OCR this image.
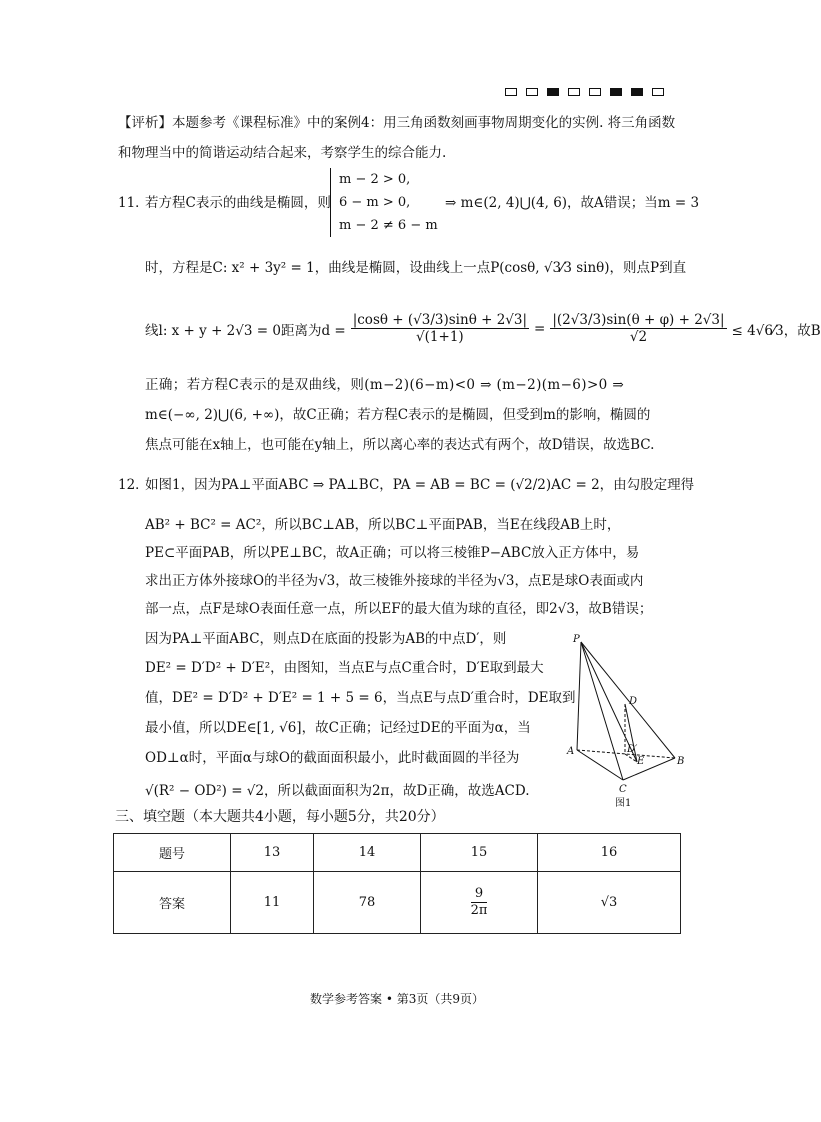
【评析】本题参考《课程标准》中的案例4：用三角函数刻画事物周期变化的实例. 将三角函数和物理当中的简谐运动结合起来，考察学生的综合能力.
11．
若方程C表示的曲线是椭圆，则
m − 2 > 0,
6 − m > 0,
m − 2 ≠ 6 − m
⇒ m∈(2, 4)⋃(4, 6)，故A错误；当m = 3
时，方程是C: x² + 3y² = 1，曲线是椭圆，设曲线上一点P(cosθ, √3⁄3 sinθ)，则点P到直
线l: x + y + 2√3 = 0距离为$d = \frac{|\cos\theta + (√3/3)\sin\theta + 2√3|}{√(1+1)} = \frac{|(2√3/3)\sin(\theta + \varphi) + 2√3|}{√2}$ ≤ 4√6⁄3，故B
正确；若方程C表示的是双曲线，则(m−2)(6−m)<0 ⇒ (m−2)(m−6)>0 ⇒
m∈(−∞, 2)⋃(6, +∞)，故C正确；若方程C表示的是椭圆，但受到m的影响，椭圆的
焦点可能在x轴上，也可能在y轴上，所以离心率的表达式有两个，故D错误，故选BC.
12．
如图1，因为PA⊥平面ABC ⇒ PA⊥BC，PA = AB = BC = (√2/2)AC = 2，由勾股定理得
AB² + BC² = AC²，所以BC⊥AB，所以BC⊥平面PAB，当E在线段AB上时，
PE⊂平面PAB，所以PE⊥BC，故A正确；可以将三棱锥P−ABC放入正方体中，易
求出正方体外接球O的半径为√3，故三棱锥外接球的半径为√3，点E是球O表面或内
部一点，点F是球O表面任意一点，所以EF的最大值为球的直径，即2√3，故B错误；
因为PA⊥平面ABC，则点D在底面的投影为AB的中点D′，则
DE² = D′D² + D′E²，由图知，当点E与点C重合时，D′E取到最大
值，DE² = D′D² + D′E² = 1 + 5 = 6，当点E与点D′重合时，DE取到
最小值，所以DE∈[1, √6]，故C正确；记经过DE的平面为α，当
OD⊥α时，平面α与球O的截面面积最小，此时截面圆的半径为
√(R² − OD²) = √2，所以截面面积为2π，故D正确，故选ACD.
P
D
D′
A
E	B
C
图1
三、填空题（本大题共4小题，每小题5分，共20分）
题号	13	14	15	16
答案	11	78	$\frac{9}{2\pi}$	√3
数学参考答案 • 第3页（共9页）
